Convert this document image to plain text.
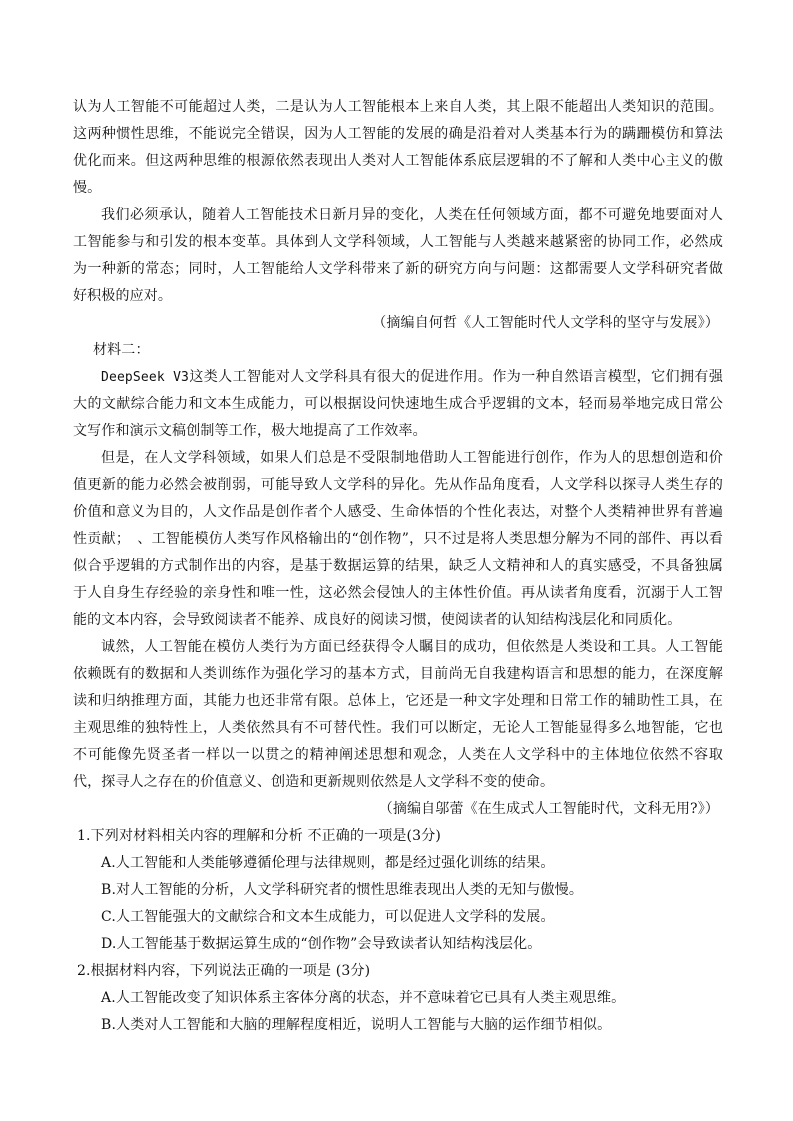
认为人工智能不可能超过人类，二是认为人工智能根本上来自人类，其上限不能超出人类知识的范围。这两种惯性思维，不能说完全错误，因为人工智能的发展的确是沿着对人类基本行为的蹒跚模仿和算法优化而来。但这两种思维的根源依然表现出人类对人工智能体系底层逻辑的不了解和人类中心主义的傲慢。

我们必须承认，随着人工智能技术日新月异的变化，人类在任何领域方面，都不可避免地要面对人工智能参与和引发的根本变革。具体到人文学科领域，人工智能与人类越来越紧密的协同工作，必然成为一种新的常态；同时，人工智能给人文学科带来了新的研究方向与问题：这都需要人文学科研究者做好积极的应对。

（摘编自何哲《人工智能时代人文学科的坚守与发展》）

材料二：

DeepSeek V3这类人工智能对人文学科具有很大的促进作用。作为一种自然语言模型，它们拥有强大的文献综合能力和文本生成能力，可以根据设问快速地生成合乎逻辑的文本，轻而易举地完成日常公文写作和演示文稿创制等工作，极大地提高了工作效率。

但是，在人文学科领域，如果人们总是不受限制地借助人工智能进行创作，作为人的思想创造和价值更新的能力必然会被削弱，可能导致人文学科的异化。先从作品角度看，人文学科以探寻人类生存的价值和意义为目的，人文作品是创作者个人感受、生命体悟的个性化表达，对整个人类精神世界有普遍性贡献；　、工智能模仿人类写作风格输出的“创作物”，只不过是将人类思想分解为不同的部件、再以看似合乎逻辑的方式制作出的内容，是基于数据运算的结果，缺乏人文精神和人的真实感受，不具备独属于人自身生存经验的亲身性和唯一性，这必然会侵蚀人的主体性价值。再从读者角度看，沉溺于人工智能的文本内容，会导致阅读者不能养、成良好的阅读习惯，使阅读者的认知结构浅层化和同质化。

诚然，人工智能在模仿人类行为方面已经获得令人瞩目的成功，但依然是人类设和工具。人工智能依赖既有的数据和人类训练作为强化学习的基本方式，目前尚无自我建构语言和思想的能力，在深度解读和归纳推理方面，其能力也还非常有限。总体上，它还是一种文字处理和日常工作的辅助性工具，在主观思维的独特性上，人类依然具有不可替代性。我们可以断定，无论人工智能显得多么地智能，它也不可能像先贤圣者一样以一以贯之的精神阐述思想和观念，人类在人文学科中的主体地位依然不容取代，探寻人之存在的价值意义、创造和更新规则依然是人文学科不变的使命。

（摘编自邬蕾《在生成式人工智能时代，文科无用?》）

1.下列对材料相关内容的理解和分析 不正确的一项是(3分)

A.人工智能和人类能够遵循伦理与法律规则，都是经过强化训练的结果。

B.对人工智能的分析，人文学科研究者的惯性思维表现出人类的无知与傲慢。

C.人工智能强大的文献综合和文本生成能力，可以促进人文学科的发展。

D.人工智能基于数据运算生成的“创作物”会导致读者认知结构浅层化。

2.根据材料内容，下列说法正确的一项是 (3分)

A.人工智能改变了知识体系主客体分离的状态，并不意味着它已具有人类主观思维。

B.人类对人工智能和大脑的理解程度相近，说明人工智能与大脑的运作细节相似。
